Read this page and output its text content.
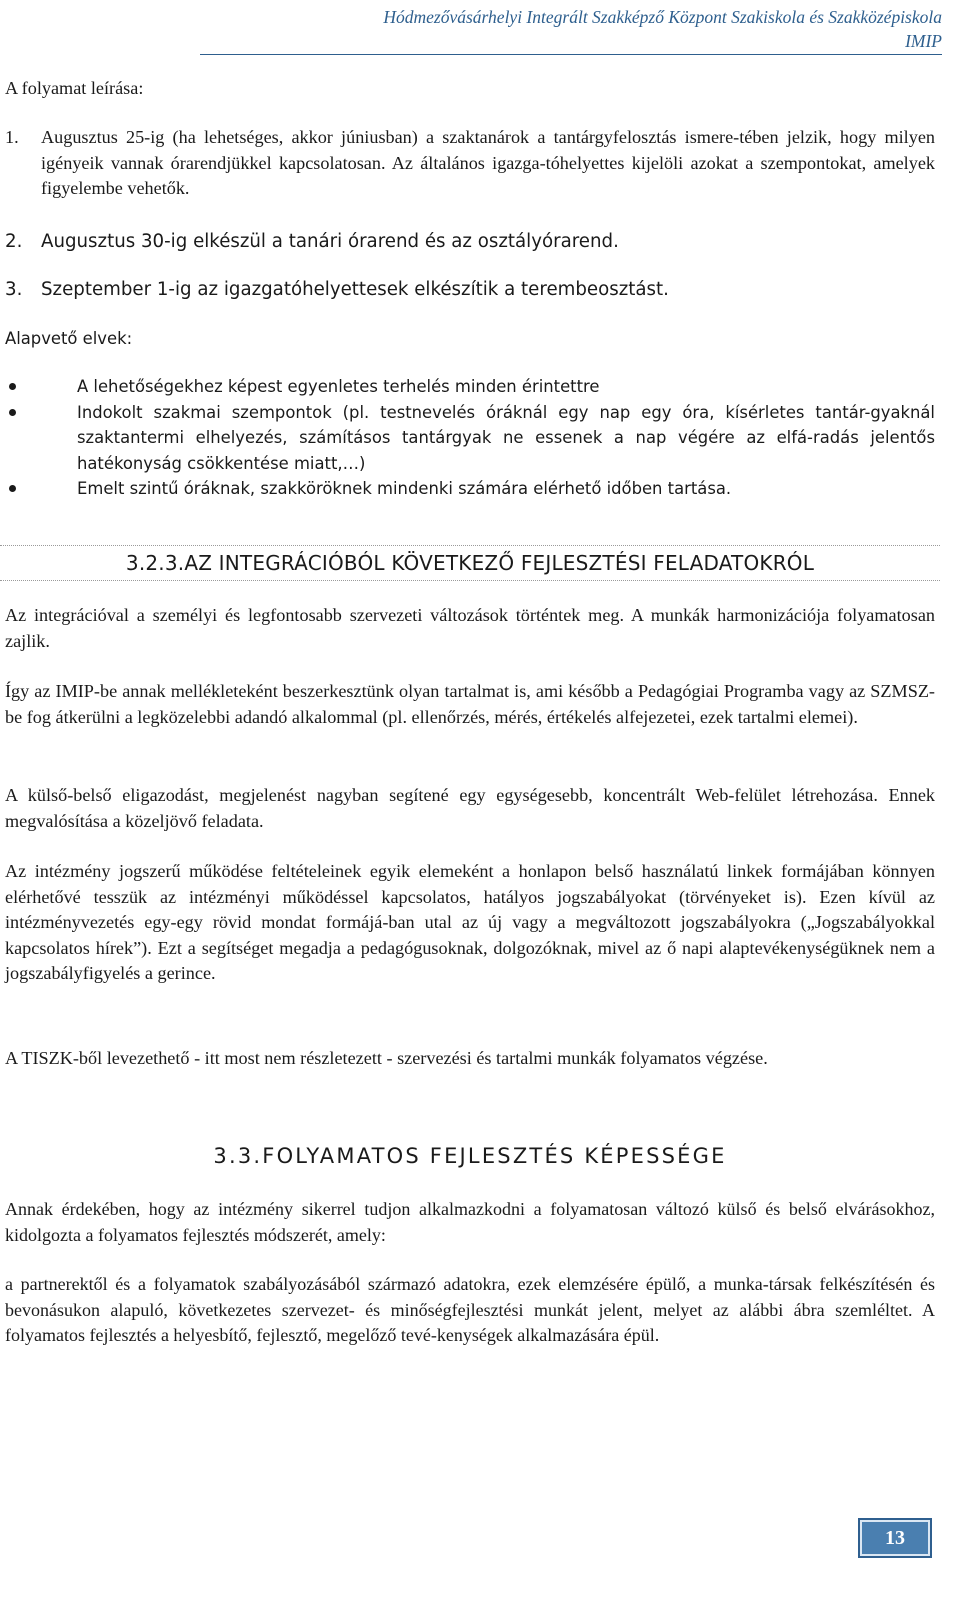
Hódmezővásárhelyi Integrált Szakképző Központ Szakiskola és Szakközépiskola
IMIP
A folyamat leírása:
1.	Augusztus 25-ig (ha lehetséges, akkor júniusban) a szaktanárok a tantárgyfelosztás ismere-tében jelzik, hogy milyen igényeik vannak órarendjükkel kapcsolatosan. Az általános igazga-tóhelyettes kijelöli azokat a szempontokat, amelyek figyelembe vehetők.
2.	Augusztus 30-ig elkészül a tanári órarend és az osztályórarend.
3.	Szeptember 1-ig az igazgatóhelyettesek elkészítik a terembeosztást.
Alapvető elvek:
A lehetőségekhez képest egyenletes terhelés minden érintettre
Indokolt szakmai szempontok (pl. testnevelés óráknál egy nap egy óra, kísérletes tantár-gyaknál szaktantermi elhelyezés, számításos tantárgyak ne essenek a nap végére az elfá-radás jelentős hatékonyság csökkentése miatt,…)
Emelt szintű óráknak, szakköröknek mindenki számára elérhető időben tartása.
3.2.3.AZ INTEGRÁCIÓBÓL KÖVETKEZŐ FEJLESZTÉSI FELADATOKRÓL

Az integrációval a személyi és legfontosabb szervezeti változások történtek meg. A munkák harmonizációja folyamatosan zajlik.

Így az IMIP-be annak mellékleteként beszerkesztünk olyan tartalmat is, ami később a Pedagógiai Programba vagy az SZMSZ-be fog átkerülni a legközelebbi adandó alkalommal (pl. ellenőrzés, mérés, értékelés alfejezetei, ezek tartalmi elemei).

A külső-belső eligazodást, megjelenést nagyban segítené egy egységesebb, koncentrált Web-felület létrehozása. Ennek megvalósítása a közeljövő feladata.

Az intézmény jogszerű működése feltételeinek egyik elemeként a honlapon belső használatú linkek formájában könnyen elérhetővé tesszük az intézményi működéssel kapcsolatos, hatályos jogszabályokat (törvényeket is). Ezen kívül az intézményvezetés egy-egy rövid mondat formájá-ban utal az új vagy a megváltozott jogszabályokra („Jogszabályokkal kapcsolatos hírek”). Ezt a segítséget megadja a pedagógusoknak, dolgozóknak, mivel az ő napi alaptevékenységüknek nem a jogszabályfigyelés a gerince.

A TISZK-ből levezethető - itt most nem részletezett - szervezési és tartalmi munkák folyamatos végzése.

3.3.FOLYAMATOS FEJLESZTÉS KÉPESSÉGE

Annak érdekében, hogy az intézmény sikerrel tudjon alkalmazkodni a folyamatosan változó külső és belső elvárásokhoz, kidolgozta a folyamatos fejlesztés módszerét, amely:

a partnerektől és a folyamatok szabályozásából származó adatokra, ezek elemzésére épülő, a munka-társak felkészítésén és bevonásukon alapuló, következetes szervezet- és minőségfejlesztési munkát jelent, melyet az alábbi ábra szemléltet. A folyamatos fejlesztés a helyesbítő, fejlesztő, megelőző tevé-kenységek alkalmazására épül.

13
